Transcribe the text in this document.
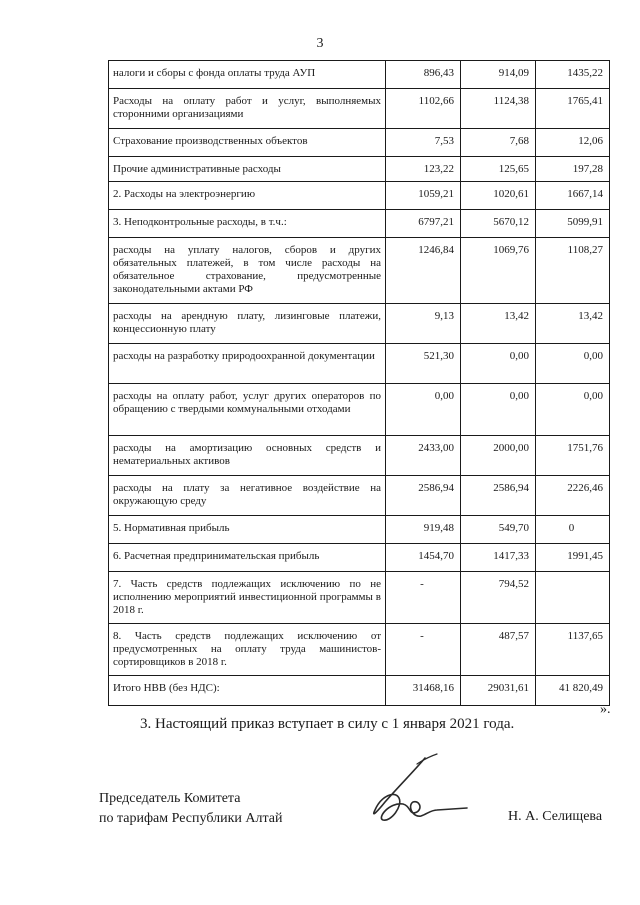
3
налоги и сборы с фонда оплаты труда АУП	896,43	914,09	1435,22
Расходы на оплату работ и услуг, выполняемых сторонними организациями	1102,66	1124,38	1765,41
Страхование производственных объектов	7,53	7,68	12,06
Прочие административные расходы	123,22	125,65	197,28
2. Расходы на электроэнергию	1059,21	1020,61	1667,14
3. Неподконтрольные расходы, в т.ч.:	6797,21	5670,12	5099,91
расходы на уплату налогов, сборов и других обязательных платежей, в том числе расходы на обязательное страхование, предусмотренные законодательными актами РФ	1246,84	1069,76	1108,27
расходы на арендную плату, лизинговые платежи, концессионную плату	9,13	13,42	13,42
расходы на разработку природоохранной документации	521,30	0,00	0,00
расходы на оплату работ, услуг других операторов по обращению с твердыми коммунальными отходами	0,00	0,00	0,00
расходы на амортизацию основных средств и нематериальных активов	2433,00	2000,00	1751,76
расходы на плату за негативное воздействие на окружающую среду	2586,94	2586,94	2226,46
5. Нормативная прибыль	919,48	549,70	0
6. Расчетная предпринимательская прибыль	1454,70	1417,33	1991,45
7. Часть средств подлежащих исключению по не исполнению мероприятий инвестиционной программы в 2018 г.	-	794,52	
8. Часть средств подлежащих исключению от предусмотренных на оплату труда машинистов-сортировщиков в 2018 г.	-	487,57	1137,65
Итого НВВ (без НДС):	31468,16	29031,61	41 820,49
».
3. Настоящий приказ вступает в силу с 1 января 2021 года.
Председатель Комитета
по тарифам Республики Алтай	Н. А. Селищева
